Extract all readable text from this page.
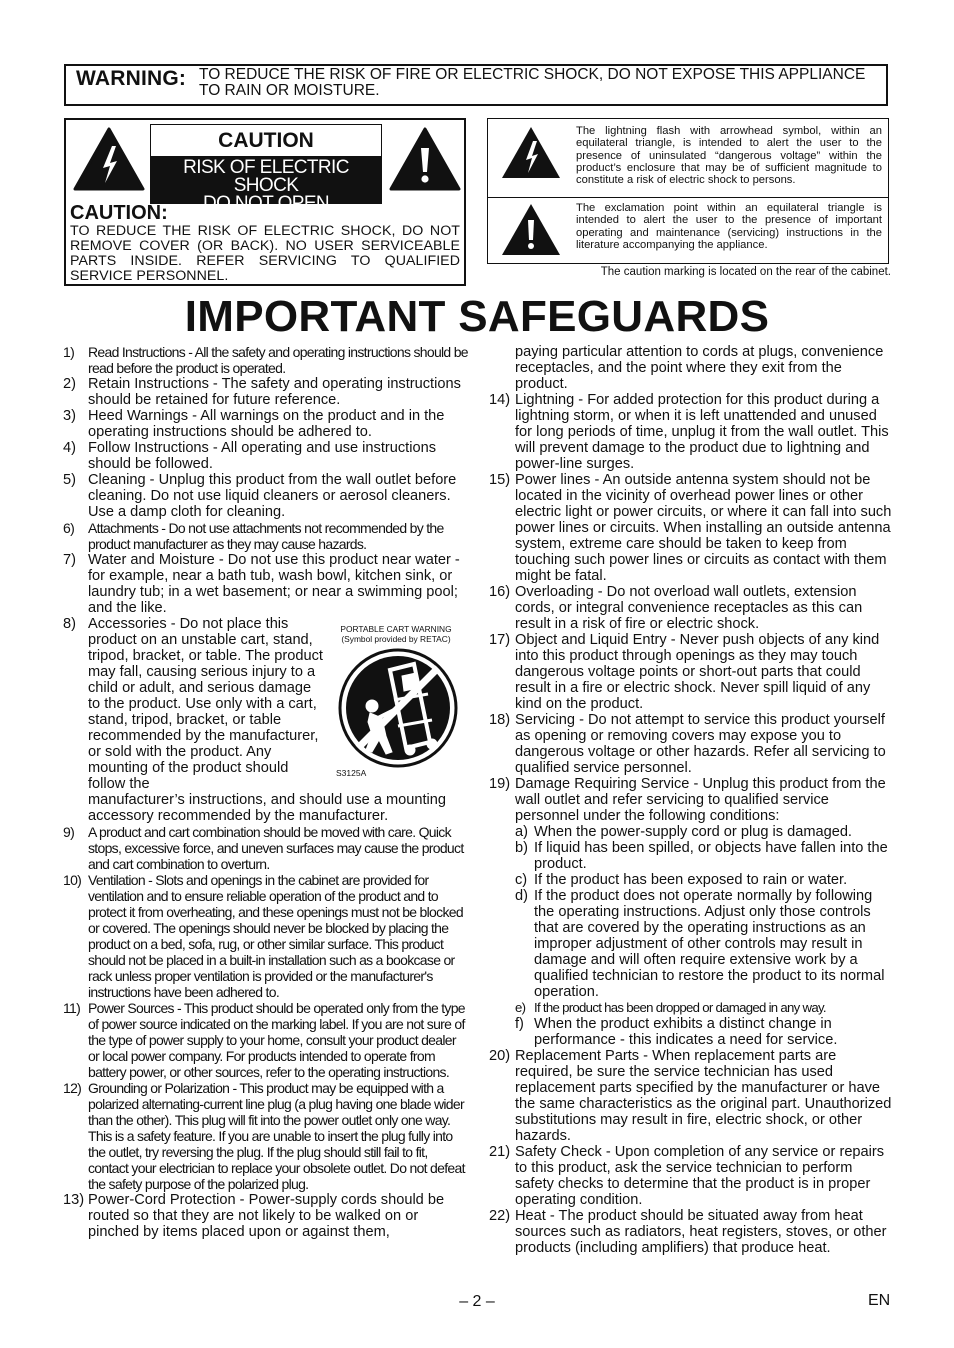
WARNING: TO REDUCE THE RISK OF FIRE OR ELECTRIC SHOCK, DO NOT EXPOSE THIS APPLIANCE TO RAIN OR MOISTURE.
CAUTION
RISK OF ELECTRIC SHOCK
DO NOT OPEN
CAUTION:
TO REDUCE THE RISK OF ELECTRIC SHOCK, DO NOT REMOVE COVER (OR BACK). NO USER SERVICEABLE PARTS INSIDE. REFER SERVICING TO QUALIFIED SERVICE PERSONNEL.
The lightning flash with arrowhead symbol, within an equilateral triangle, is intended to alert the user to the presence of uninsulated “dangerous voltage” within the product’s enclosure that may be of sufficient magnitude to constitute a risk of electric shock to persons.
The exclamation point within an equilateral triangle is intended to alert the user to the presence of important operating and maintenance (servicing) instructions in the literature accompanying the appliance.
The caution marking is located on the rear of the cabinet.
IMPORTANT SAFEGUARDS

1) Read Instructions - All the safety and operating instructions should be read before the product is operated.

2) Retain Instructions - The safety and operating instructions should be retained for future reference.

3) Heed Warnings - All warnings on the product and in the operating instructions should be adhered to.

4) Follow Instructions - All operating and use instructions should be followed.

5) Cleaning - Unplug this product from the wall outlet before cleaning. Do not use liquid cleaners or aerosol cleaners. Use a damp cloth for cleaning.

6) Attachments - Do not use attachments not recommended by the product manufacturer as they may cause hazards.

7) Water and Moisture - Do not use this product near water - for example, near a bath tub, wash bowl, kitchen sink, or laundry tub; in a wet basement; or near a swimming pool; and the like.

8) Accessories - Do not place this product on an unstable cart, stand, tripod, bracket, or table. The product may fall, causing serious injury to a child or adult, and serious damage to the product. Use only with a cart, stand, tripod, bracket, or table recommended by the manufacturer, or sold with the product. Any mounting of the product should follow the
manufacturer’s instructions, and should use a mounting accessory recommended by the manufacturer.

9) A product and cart combination should be moved with care. Quick stops, excessive force, and uneven surfaces may cause the product and cart combination to overturn.

10) Ventilation - Slots and openings in the cabinet are provided for ventilation and to ensure reliable operation of the product and to protect it from overheating, and these openings must not be blocked or covered. The openings should never be blocked by placing the product on a bed, sofa, rug, or other similar surface. This product should not be placed in a built-in installation such as a bookcase or rack unless proper ventilation is provided or the manufacturer's instructions have been adhered to.

11) Power Sources - This product should be operated only from the type of power source indicated on the marking label. If you are not sure of the type of power supply to your home, consult your product dealer or local power company. For products intended to operate from battery power, or other sources, refer to the operating instructions.

12) Grounding or Polarization - This product may be equipped with a polarized alternating-current line plug (a plug having one blade wider than the other). This plug will fit into the power outlet only one way. This is a safety feature. If you are unable to insert the plug fully into the outlet, try reversing the plug. If the plug should still fail to fit, contact your electrician to replace your obsolete outlet. Do not defeat the safety purpose of the polarized plug.

13) Power-Cord Protection - Power-supply cords should be routed so that they are not likely to be walked on or pinched by items placed upon or against them,

PORTABLE CART WARNING
(Symbol provided by RETAC)
S3125A

paying particular attention to cords at plugs, convenience receptacles, and the point where they exit from the product.

14) Lightning - For added protection for this product during a lightning storm, or when it is left unattended and unused for long periods of time, unplug it from the wall outlet. This will prevent damage to the product due to lightning and power-line surges.

15) Power lines - An outside antenna system should not be located in the vicinity of overhead power lines or other electric light or power circuits, or where it can fall into such power lines or circuits. When installing an outside antenna system, extreme care should be taken to keep from touching such power lines or circuits as contact with them might be fatal.

16) Overloading - Do not overload wall outlets, extension cords, or integral convenience receptacles as this can result in a risk of fire or electric shock.

17) Object and Liquid Entry - Never push objects of any kind into this product through openings as they may touch dangerous voltage points or short-out parts that could result in a fire or electric shock. Never spill liquid of any kind on the product.

18) Servicing - Do not attempt to service this product yourself as opening or removing covers may expose you to dangerous voltage or other hazards. Refer all servicing to qualified service personnel.

19) Damage Requiring Service - Unplug this product from the wall outlet and refer servicing to qualified service personnel under the following conditions:

a) When the power-supply cord or plug is damaged.

b) If liquid has been spilled, or objects have fallen into the product.

c) If the product has been exposed to rain or water.

d) If the product does not operate normally by following the operating instructions. Adjust only those controls that are covered by the operating instructions as an improper adjustment of other controls may result in damage and will often require extensive work by a qualified technician to restore the product to its normal operation.

e) If the product has been dropped or damaged in any way.

f) When the product exhibits a distinct change in performance - this indicates a need for service.

20) Replacement Parts - When replacement parts are required, be sure the service technician has used replacement parts specified by the manufacturer or have the same characteristics as the original part. Unauthorized substitutions may result in fire, electric shock, or other hazards.

21) Safety Check - Upon completion of any service or repairs to this product, ask the service technician to perform safety checks to determine that the product is in proper operating condition.

22) Heat - The product should be situated away from heat sources such as radiators, heat registers, stoves, or other products (including amplifiers) that produce heat.

– 2 –	EN
